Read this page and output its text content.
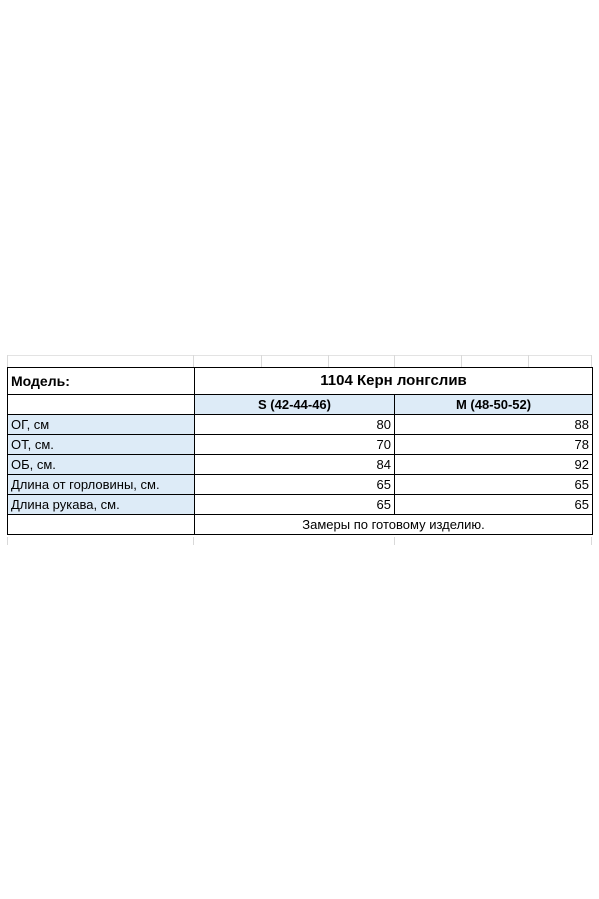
Модель:	1104 Керн лонгслив	
	S (42-44-46)	M (48-50-52)
ОГ, см	80	88
ОТ, см.	70	78
ОБ, см.	84	92
Длина от горловины, см.	65	65
Длина рукава, см.	65	65
	Замеры по готовому изделию.	
